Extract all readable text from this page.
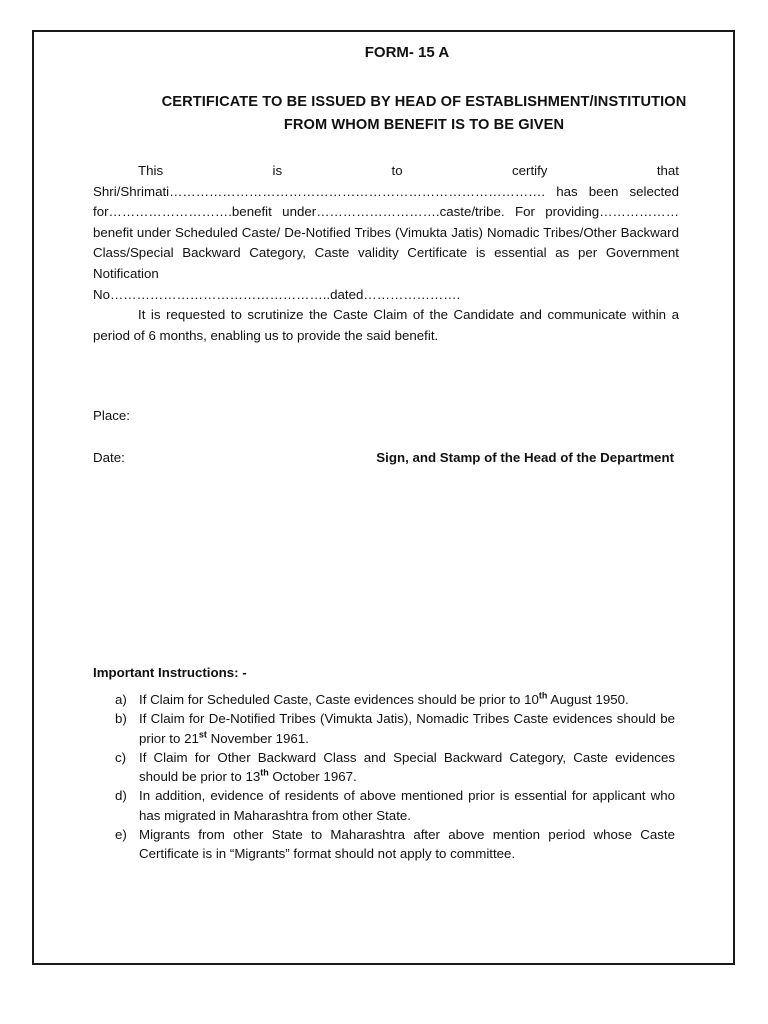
FORM- 15 A
CERTIFICATE TO BE ISSUED BY HEAD OF ESTABLISHMENT/INSTITUTION
FROM WHOM BENEFIT IS TO BE GIVEN

This is to certify that Shri/Shrimati…………………………………………………………………………. has been selected for……………………….benefit under……………………….caste/tribe. For providing……………… benefit under Scheduled Caste/ De-Notified Tribes (Vimukta Jatis) Nomadic Tribes/Other Backward Class/Special Backward Category, Caste validity Certificate is essential as per Government Notification

No…………………………………………..dated………………….

It is requested to scrutinize the Caste Claim of the Candidate and communicate within a period of 6 months, enabling us to provide the said benefit.

Place:
Date:	Sign, and Stamp of the Head of the Department
Important Instructions: -
a) If Claim for Scheduled Caste, Caste evidences should be prior to 10th August 1950.
b) If Claim for De-Notified Tribes (Vimukta Jatis), Nomadic Tribes Caste evidences should be prior to 21st November 1961.
c) If Claim for Other Backward Class and Special Backward Category, Caste evidences should be prior to 13th October 1967.
d) In addition, evidence of residents of above mentioned prior is essential for applicant who has migrated in Maharashtra from other State.
e) Migrants from other State to Maharashtra after above mention period whose Caste Certificate is in “Migrants” format should not apply to committee.
